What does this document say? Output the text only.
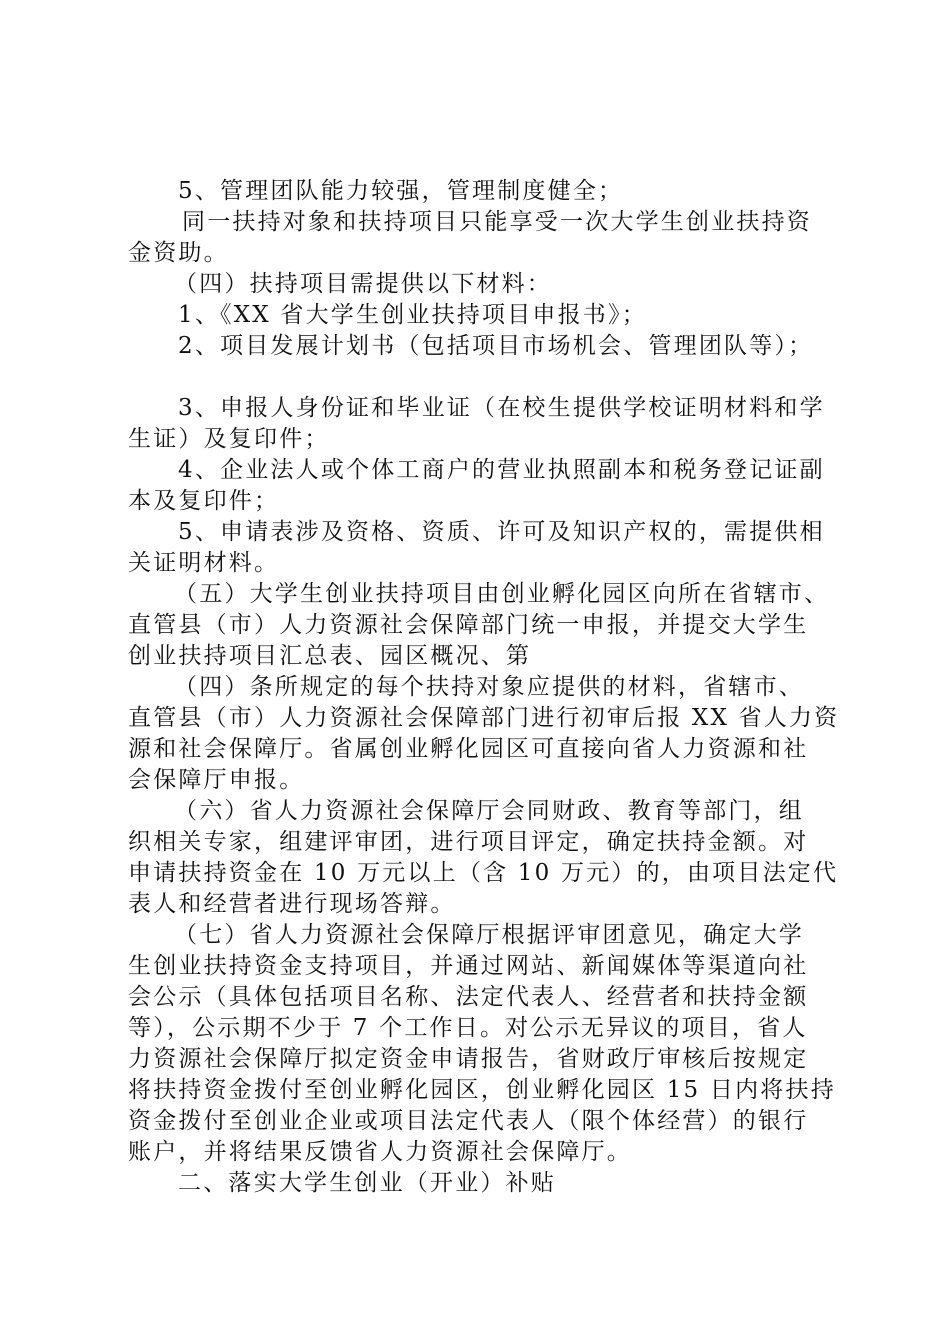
5、管理团队能力较强，管理制度健全；
同一扶持对象和扶持项目只能享受一次大学生创业扶持资
金资助。
（四）扶持项目需提供以下材料：
1、《XX 省大学生创业扶持项目申报书》；
2、项目发展计划书（包括项目市场机会、管理团队等）；
3、申报人身份证和毕业证（在校生提供学校证明材料和学
生证）及复印件；
4、企业法人或个体工商户的营业执照副本和税务登记证副
本及复印件；
5、申请表涉及资格、资质、许可及知识产权的，需提供相
关证明材料。
（五）大学生创业扶持项目由创业孵化园区向所在省辖市、
直管县（市）人力资源社会保障部门统一申报，并提交大学生
创业扶持项目汇总表、园区概况、第
（四）条所规定的每个扶持对象应提供的材料，省辖市、
直管县（市）人力资源社会保障部门进行初审后报 XX 省人力资
源和社会保障厅。省属创业孵化园区可直接向省人力资源和社
会保障厅申报。
（六）省人力资源社会保障厅会同财政、教育等部门，组
织相关专家，组建评审团，进行项目评定，确定扶持金额。对
申请扶持资金在 10 万元以上（含 10 万元）的，由项目法定代
表人和经营者进行现场答辩。
（七）省人力资源社会保障厅根据评审团意见，确定大学
生创业扶持资金支持项目，并通过网站、新闻媒体等渠道向社
会公示（具体包括项目名称、法定代表人、经营者和扶持金额
等），公示期不少于 7 个工作日。对公示无异议的项目，省人
力资源社会保障厅拟定资金申请报告，省财政厅审核后按规定
将扶持资金拨付至创业孵化园区，创业孵化园区 15 日内将扶持
资金拨付至创业企业或项目法定代表人（限个体经营）的银行
账户，并将结果反馈省人力资源社会保障厅。
二、落实大学生创业（开业）补贴
